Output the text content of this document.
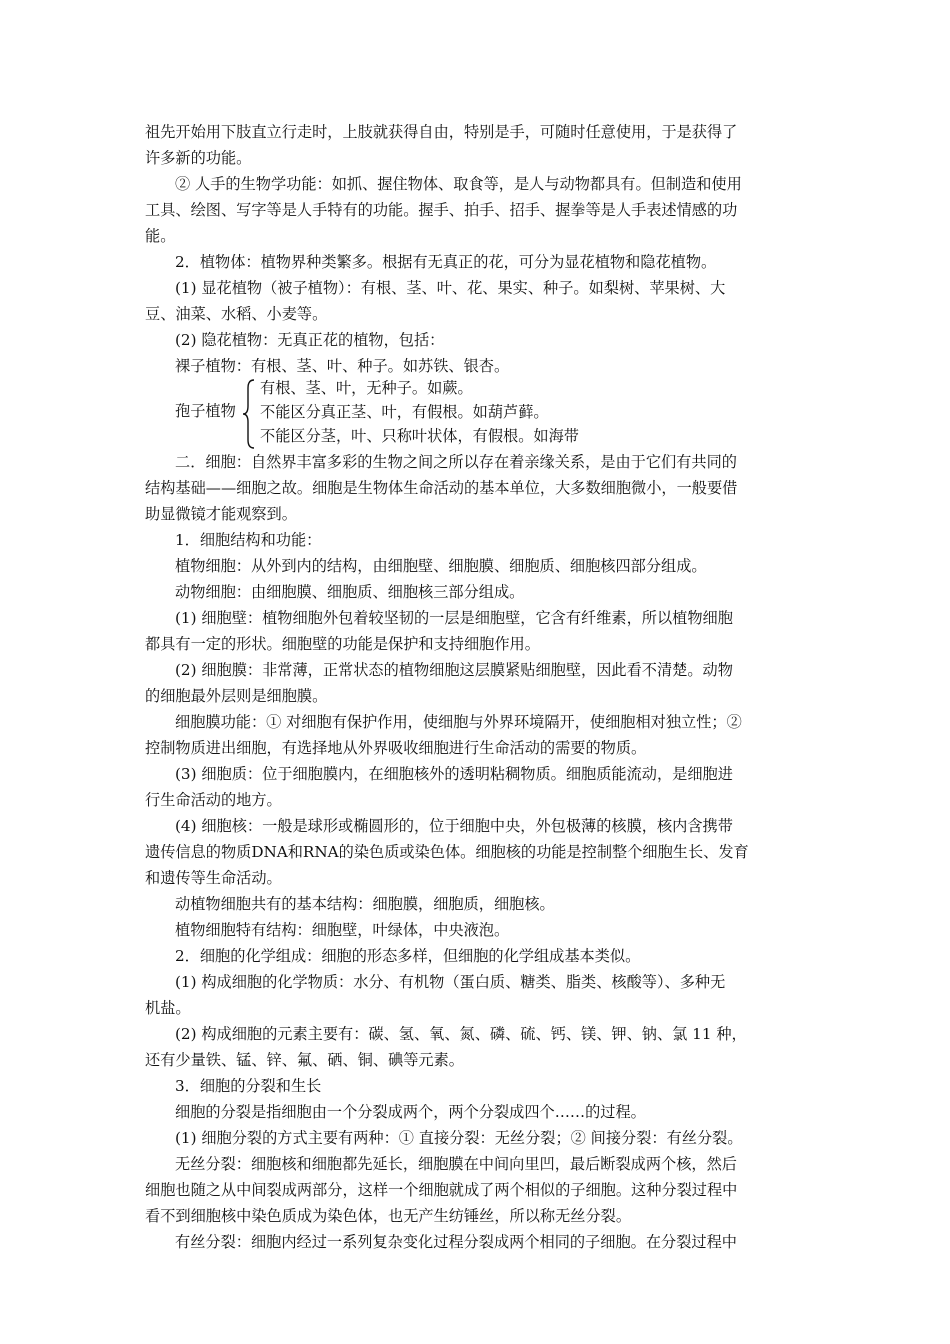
祖先开始用下肢直立行走时，上肢就获得自由，特别是手，可随时任意使用，于是获得了
许多新的功能。
② 人手的生物学功能：如抓、握住物体、取食等，是人与动物都具有。但制造和使用
工具、绘图、写字等是人手特有的功能。握手、拍手、招手、握拳等是人手表述情感的功
能。
2．植物体：植物界种类繁多。根据有无真正的花，可分为显花植物和隐花植物。
(1) 显花植物（被子植物）：有根、茎、叶、花、果实、种子。如梨树、苹果树、大
豆、油菜、水稻、小麦等。
(2) 隐花植物：无真正花的植物，包括：
裸子植物：有根、茎、叶、种子。如苏铁、银杏。
孢子植物
有根、茎、叶，无种子。如蕨。
不能区分真正茎、叶，有假根。如葫芦藓。
不能区分茎，叶、只称叶状体，有假根。如海带
二．细胞：自然界丰富多彩的生物之间之所以存在着亲缘关系，是由于它们有共同的
结构基础——细胞之故。细胞是生物体生命活动的基本单位，大多数细胞微小，一般要借
助显微镜才能观察到。
1．细胞结构和功能：
植物细胞：从外到内的结构，由细胞壁、细胞膜、细胞质、细胞核四部分组成。
动物细胞：由细胞膜、细胞质、细胞核三部分组成。
(1) 细胞壁：植物细胞外包着较坚韧的一层是细胞壁，它含有纤维素，所以植物细胞
都具有一定的形状。细胞壁的功能是保护和支持细胞作用。
(2) 细胞膜：非常薄，正常状态的植物细胞这层膜紧贴细胞壁，因此看不清楚。动物
的细胞最外层则是细胞膜。
细胞膜功能：① 对细胞有保护作用，使细胞与外界环境隔开，使细胞相对独立性；②
控制物质进出细胞，有选择地从外界吸收细胞进行生命活动的需要的物质。
(3) 细胞质：位于细胞膜内，在细胞核外的透明粘稠物质。细胞质能流动，是细胞进
行生命活动的地方。
(4) 细胞核：一般是球形或椭圆形的，位于细胞中央，外包极薄的核膜，核内含携带
遗传信息的物质DNA和RNA的染色质或染色体。细胞核的功能是控制整个细胞生长、发育
和遗传等生命活动。
动植物细胞共有的基本结构：细胞膜，细胞质，细胞核。
植物细胞特有结构：细胞壁，叶绿体，中央液泡。
2．细胞的化学组成：细胞的形态多样，但细胞的化学组成基本类似。
(1) 构成细胞的化学物质：水分、有机物（蛋白质、糖类、脂类、核酸等）、多种无
机盐。
(2) 构成细胞的元素主要有：碳、氢、氧、氮、磷、硫、钙、镁、钾、钠、氯 11 种，
还有少量铁、锰、锌、氟、硒、铜、碘等元素。
3．细胞的分裂和生长
细胞的分裂是指细胞由一个分裂成两个，两个分裂成四个……的过程。
(1) 细胞分裂的方式主要有两种：① 直接分裂：无丝分裂；② 间接分裂：有丝分裂。
无丝分裂：细胞核和细胞都先延长，细胞膜在中间向里凹，最后断裂成两个核，然后
细胞也随之从中间裂成两部分，这样一个细胞就成了两个相似的子细胞。这种分裂过程中
看不到细胞核中染色质成为染色体，也无产生纺锤丝，所以称无丝分裂。
有丝分裂：细胞内经过一系列复杂变化过程分裂成两个相同的子细胞。在分裂过程中
